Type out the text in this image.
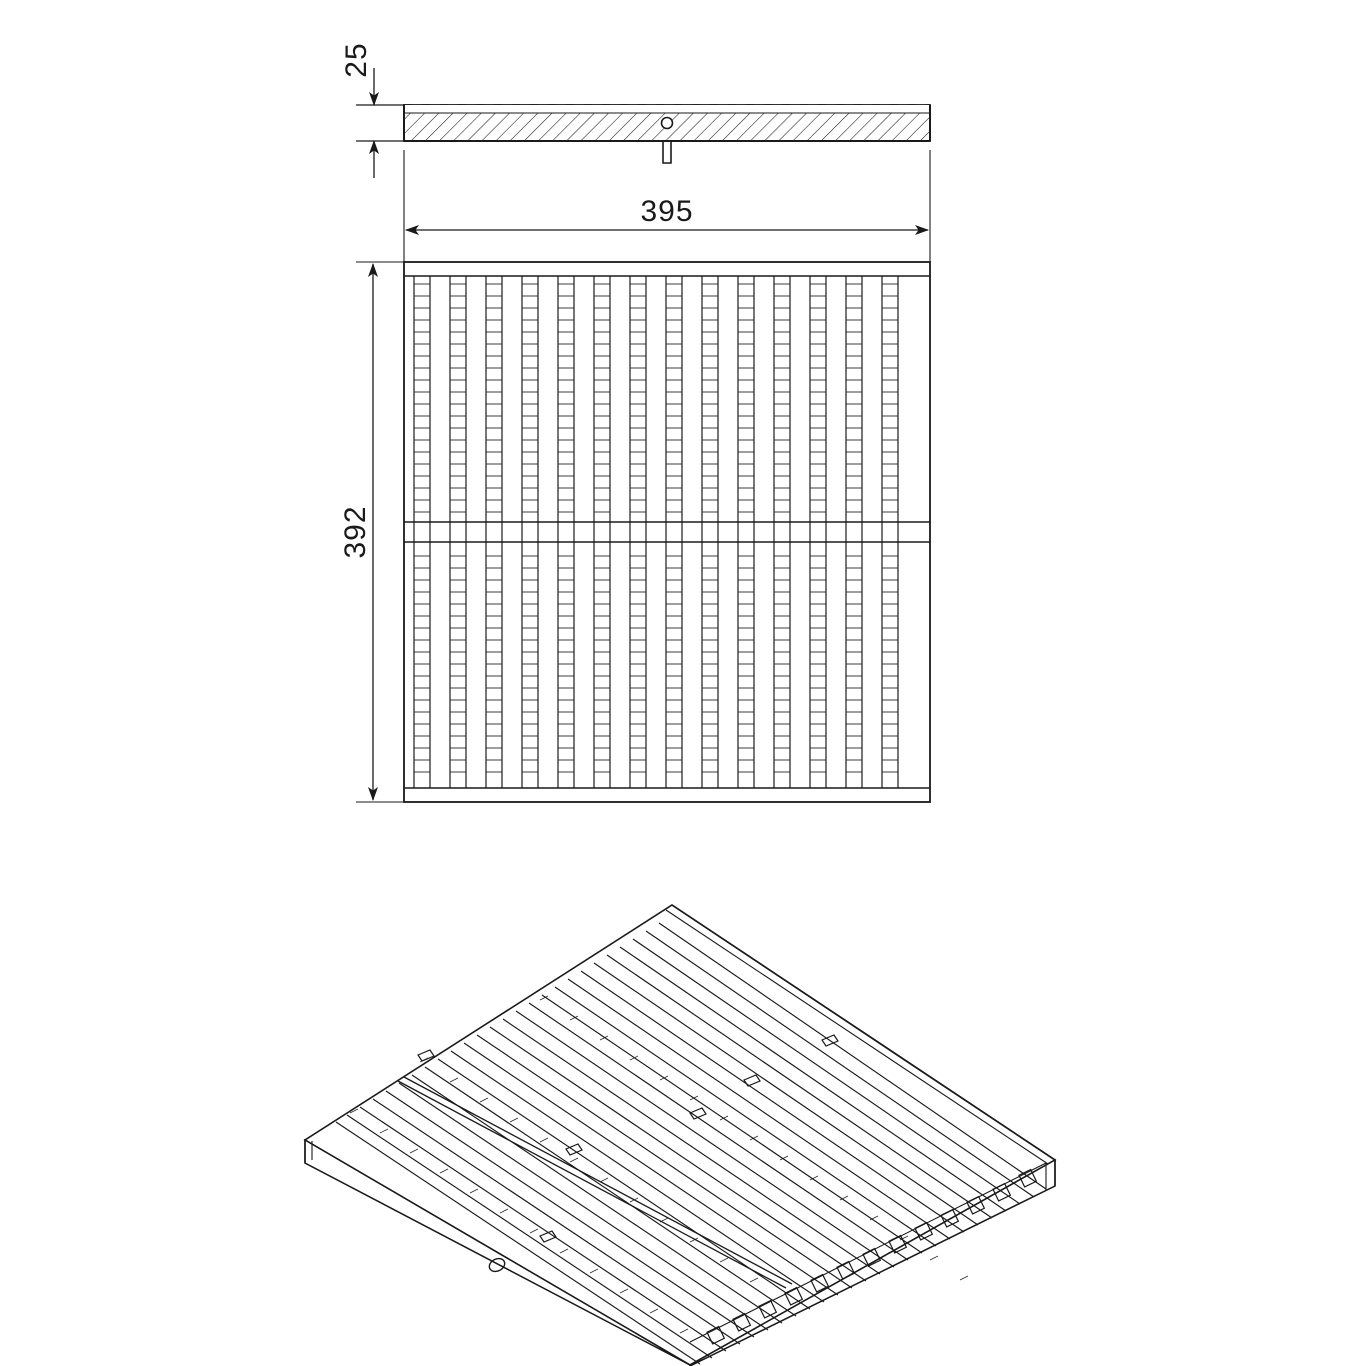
25
395
392
